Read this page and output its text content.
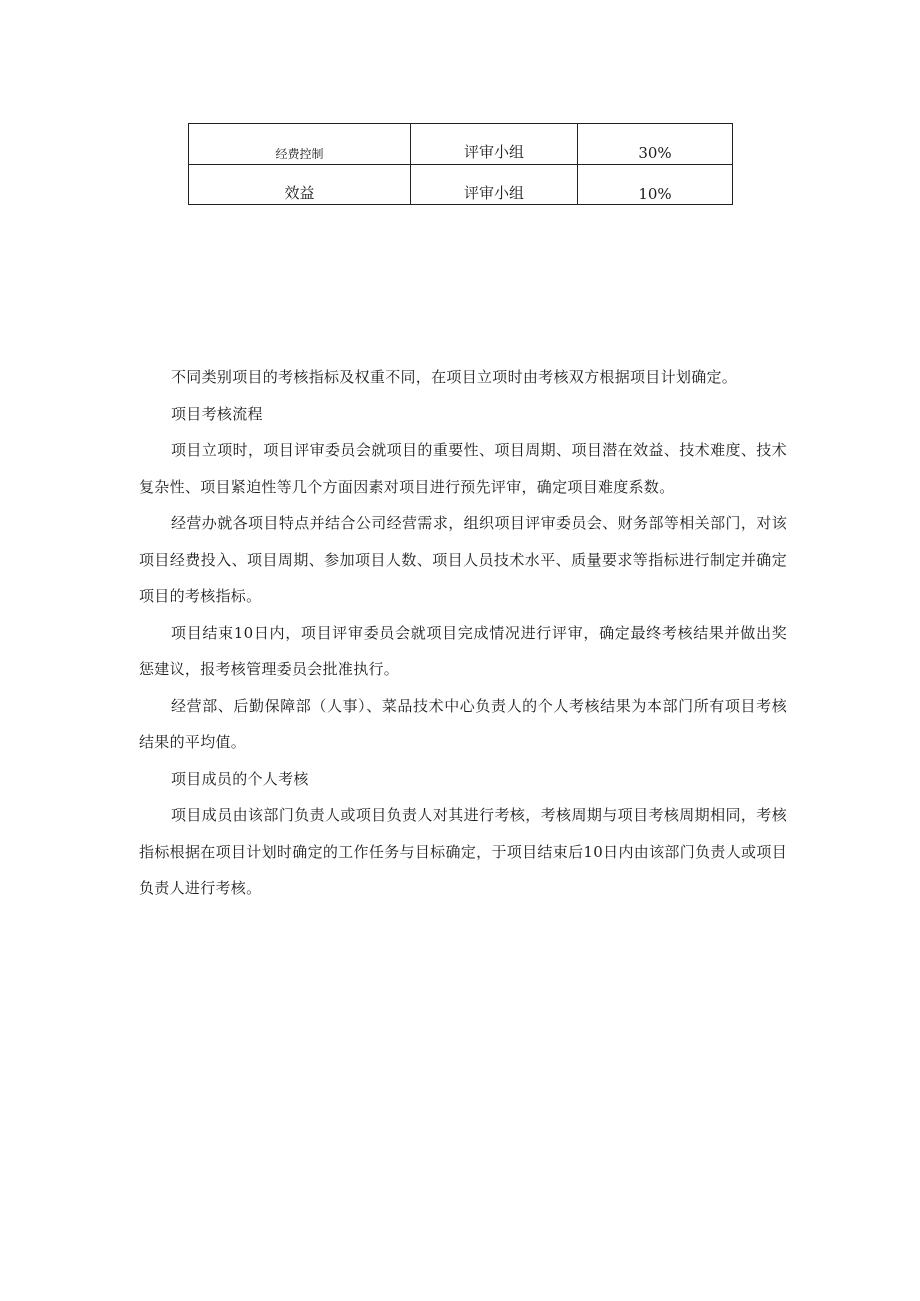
经费控制	评审小组	30%
效益	评审小组	10%

不同类别项目的考核指标及权重不同，在项目立项时由考核双方根据项目计划确定。

项目考核流程

项目立项时，项目评审委员会就项目的重要性、项目周期、项目潜在效益、技术难度、技术复杂性、项目紧迫性等几个方面因素对项目进行预先评审，确定项目难度系数。

经营办就各项目特点并结合公司经营需求，组织项目评审委员会、财务部等相关部门，对该项目经费投入、项目周期、参加项目人数、项目人员技术水平、质量要求等指标进行制定并确定项目的考核指标。

项目结束10日内，项目评审委员会就项目完成情况进行评审，确定最终考核结果并做出奖惩建议，报考核管理委员会批准执行。

经营部、后勤保障部（人事）、菜品技术中心负责人的个人考核结果为本部门所有项目考核结果的平均值。

项目成员的个人考核

项目成员由该部门负责人或项目负责人对其进行考核，考核周期与项目考核周期相同，考核指标根据在项目计划时确定的工作任务与目标确定，于项目结束后10日内由该部门负责人或项目负责人进行考核。
